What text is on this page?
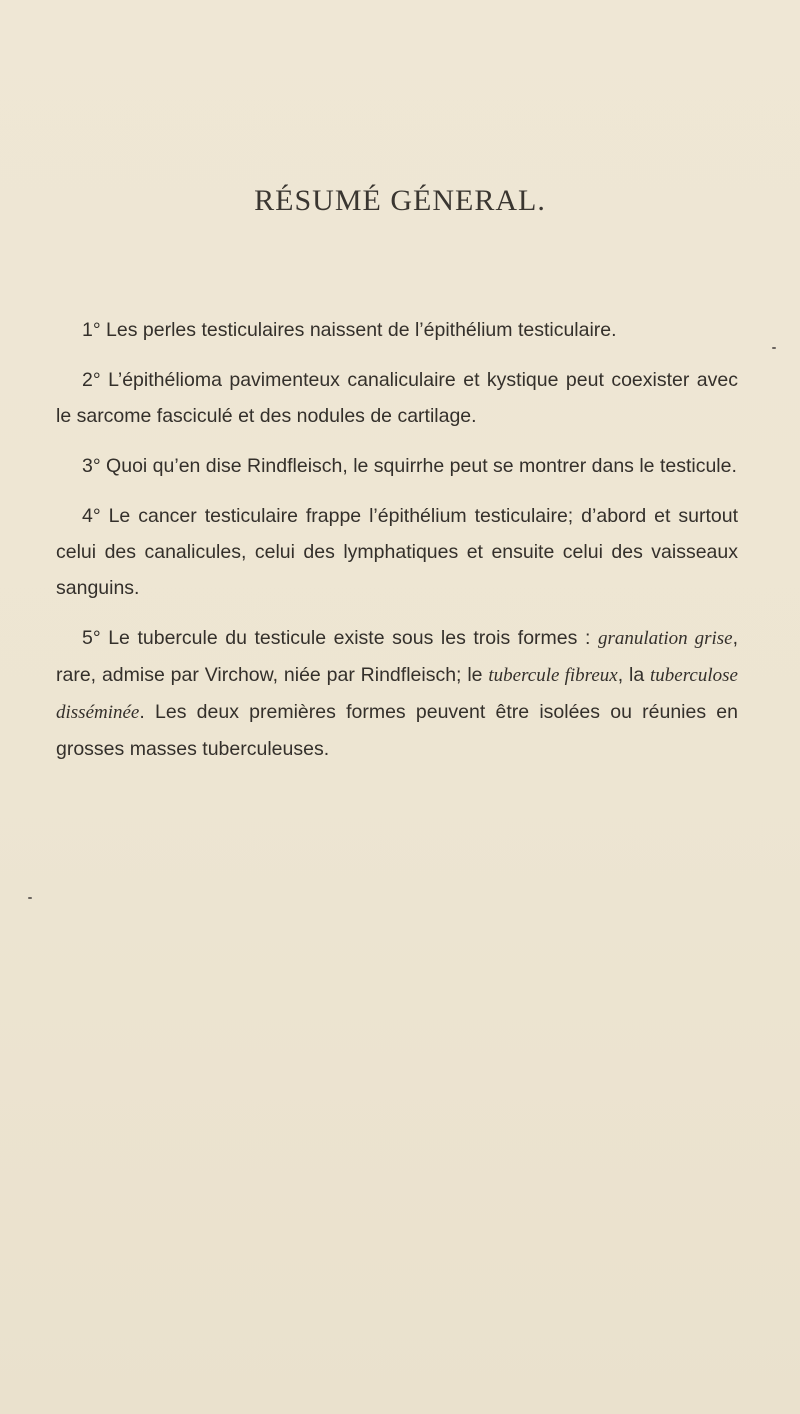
RÉSUMÉ GÉNERAL.

1° Les perles testiculaires naissent de l’épithélium testiculaire.

2° L’épithélioma pavimenteux canaliculaire et kystique peut coexister avec le sarcome fasciculé et des nodules de cartilage.

3° Quoi qu’en dise Rindfleisch, le squirrhe peut se montrer dans le testicule.

4° Le cancer testiculaire frappe l’épithélium testiculaire; d’abord et surtout celui des canalicules, celui des lymphatiques et ensuite celui des vaisseaux sanguins.

5° Le tubercule du testicule existe sous les trois formes : granulation grise, rare, admise par Virchow, niée par Rindfleisch; le tubercule fibreux, la tuberculose disséminée. Les deux premières formes peuvent être isolées ou réunies en grosses masses tuberculeuses.
